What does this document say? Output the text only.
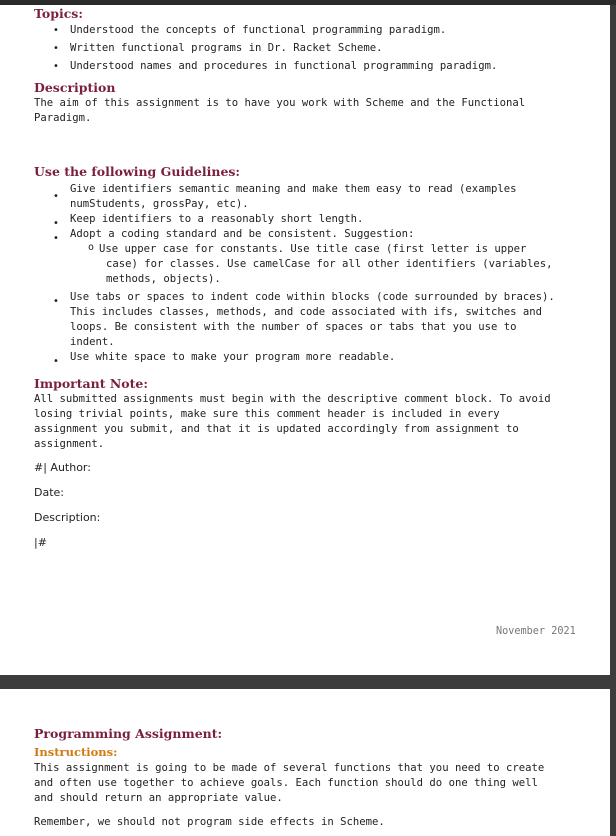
Topics:
• Understood the concepts of functional programming paradigm.
• Written functional programs in Dr. Racket Scheme.
• Understood names and procedures in functional programming paradigm.
Description
The aim of this assignment is to have you work with Scheme and the Functional
Paradigm.
Use the following Guidelines:
•
Give identifiers semantic meaning and make them easy to read (examples
numStudents, grossPay, etc).
• Keep identifiers to a reasonably short length.
• Adopt a coding standard and be consistent. Suggestion:
o Use upper case for constants. Use title case (first letter is upper
case) for classes. Use camelCase for all other identifiers (variables,
methods, objects).
• Use tabs or spaces to indent code within blocks (code surrounded by braces).
This includes classes, methods, and code associated with ifs, switches and
loops. Be consistent with the number of spaces or tabs that you use to
indent.
• Use white space to make your program more readable.
Important Note:
All submitted assignments must begin with the descriptive comment block. To avoid
losing trivial points, make sure this comment header is included in every
assignment you submit, and that it is updated accordingly from assignment to
assignment.
#| Author:
Date:
Description:
|#
November 2021
Programming Assignment:
Instructions:
This assignment is going to be made of several functions that you need to create
and often use together to achieve goals. Each function should do one thing well
and should return an appropriate value.
Remember, we should not program side effects in Scheme.
